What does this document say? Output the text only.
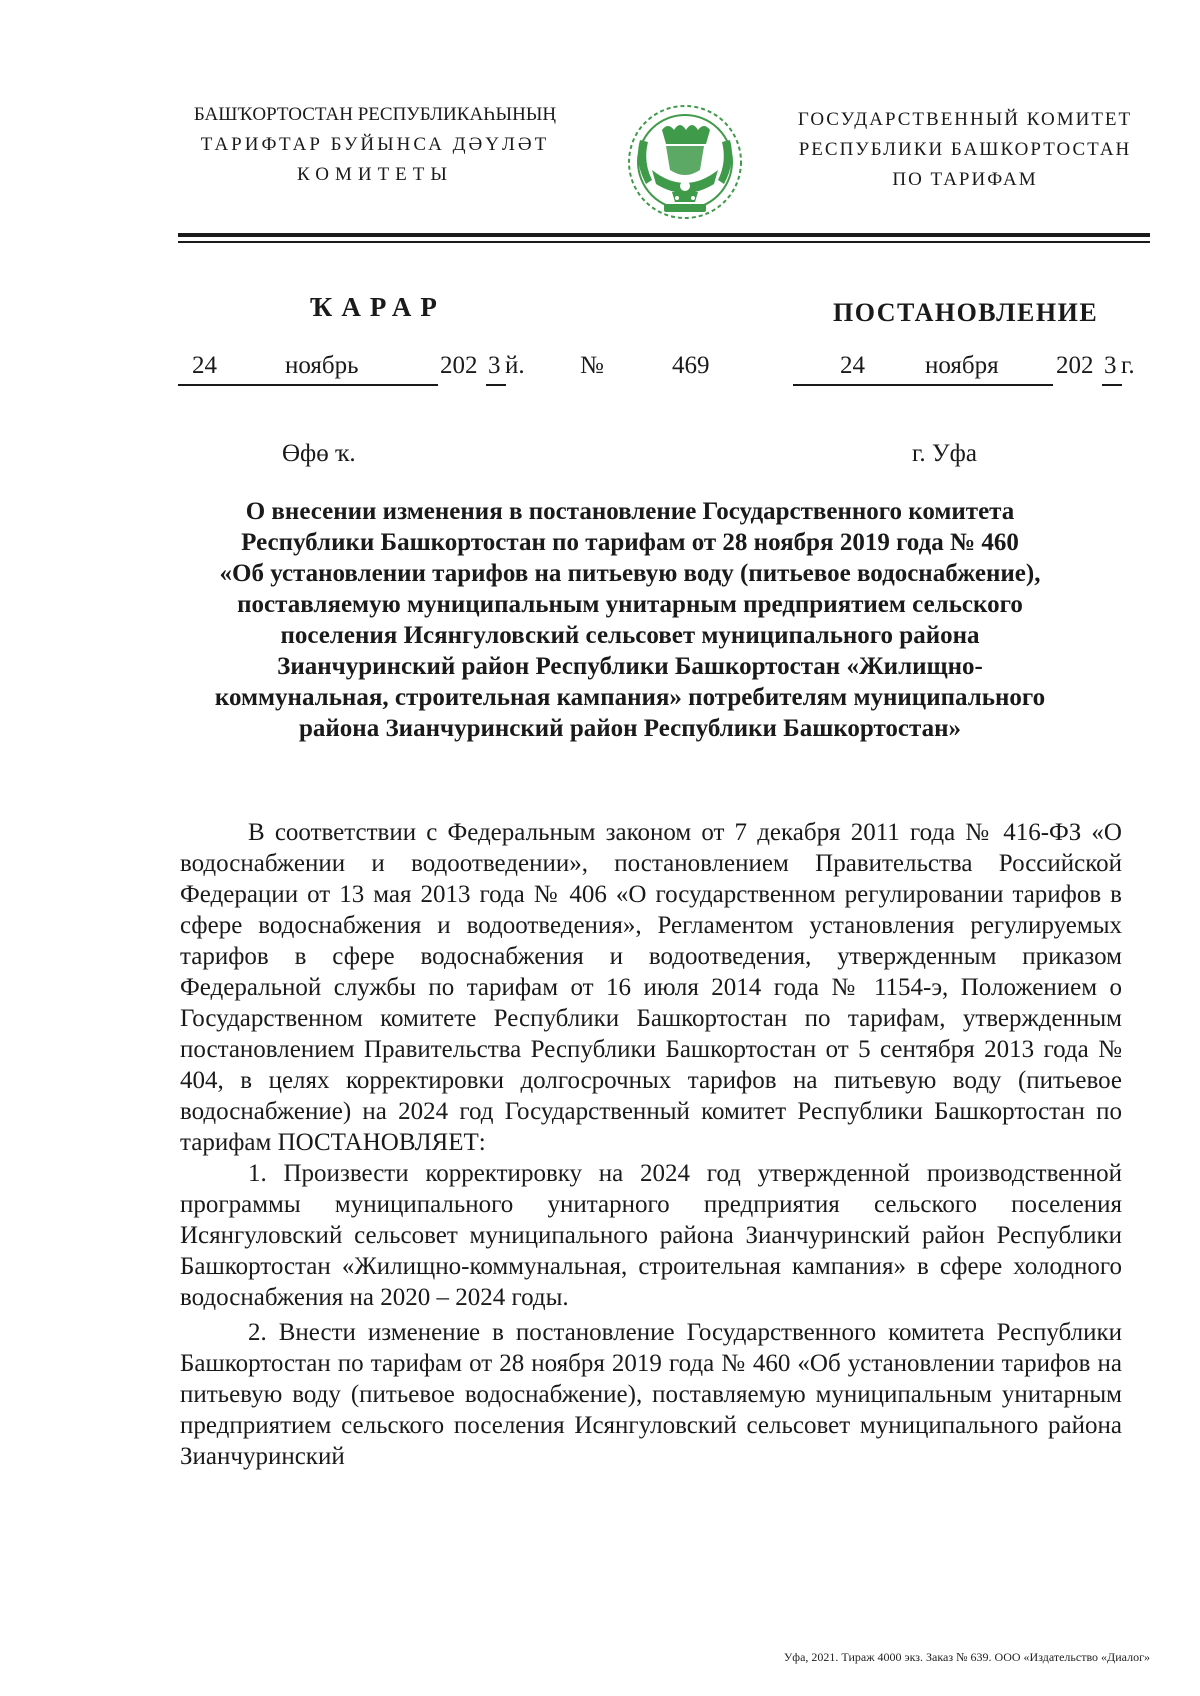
БАШҠОРТОСТАН РЕСПУБЛИКАҺЫНЫҢ
ТАРИФТАР БУЙЫНСА ДӘҮЛӘТ
КОМИТЕТЫ
ГОСУДАРСТВЕННЫЙ КОМИТЕТ
РЕСПУБЛИКИ БАШКОРТОСТАН
ПО ТАРИФАМ
ҠАРАР	ПОСТАНОВЛЕНИЕ
24	ноябрь	202 3 й. №	469	24 ноября 202 3 г.
Өфө ҡ.	г. Уфа
О внесении изменения в постановление Государственного комитета
Республики Башкортостан по тарифам от 28 ноября 2019 года № 460
«Об установлении тарифов на питьевую воду (питьевое водоснабжение),
поставляемую муниципальным унитарным предприятием сельского
поселения Исянгуловский сельсовет муниципального района
Зианчуринский район Республики Башкортостан «Жилищно-
коммунальная, строительная кампания» потребителям муниципального
района Зианчуринский район Республики Башкортостан»

В соответствии с Федеральным законом от 7 декабря 2011 года № 416-ФЗ «О водоснабжении и водоотведении», постановлением Правительства Российской Федерации от 13 мая 2013 года № 406 «О государственном регулировании тарифов в сфере водоснабжения и водоотведения», Регламентом установления регулируемых тарифов в сфере водоснабжения и водоотведения, утвержденным приказом Федеральной службы по тарифам от 16 июля 2014 года № 1154-э, Положением о Государственном комитете Республики Башкортостан по тарифам, утвержденным постановлением Правительства Республики Башкортостан от 5 сентября 2013 года № 404, в целях корректировки долгосрочных тарифов на питьевую воду (питьевое водоснабжение) на 2024 год Государственный комитет Республики Башкортостан по тарифам ПОСТАНОВЛЯЕТ:

1. Произвести корректировку на 2024 год утвержденной производственной программы муниципального унитарного предприятия сельского поселения Исянгуловский сельсовет муниципального района Зианчуринский район Республики Башкортостан «Жилищно-коммунальная, строительная кампания» в сфере холодного водоснабжения на 2020 – 2024 годы.

2. Внести изменение в постановление Государственного комитета Республики Башкортостан по тарифам от 28 ноября 2019 года № 460 «Об установлении тарифов на питьевую воду (питьевое водоснабжение), поставляемую муниципальным унитарным предприятием сельского поселения Исянгуловский сельсовет муниципального района Зианчуринский

Уфа, 2021. Тираж 4000 экз. Заказ № 639. ООО «Издательство «Диалог»
